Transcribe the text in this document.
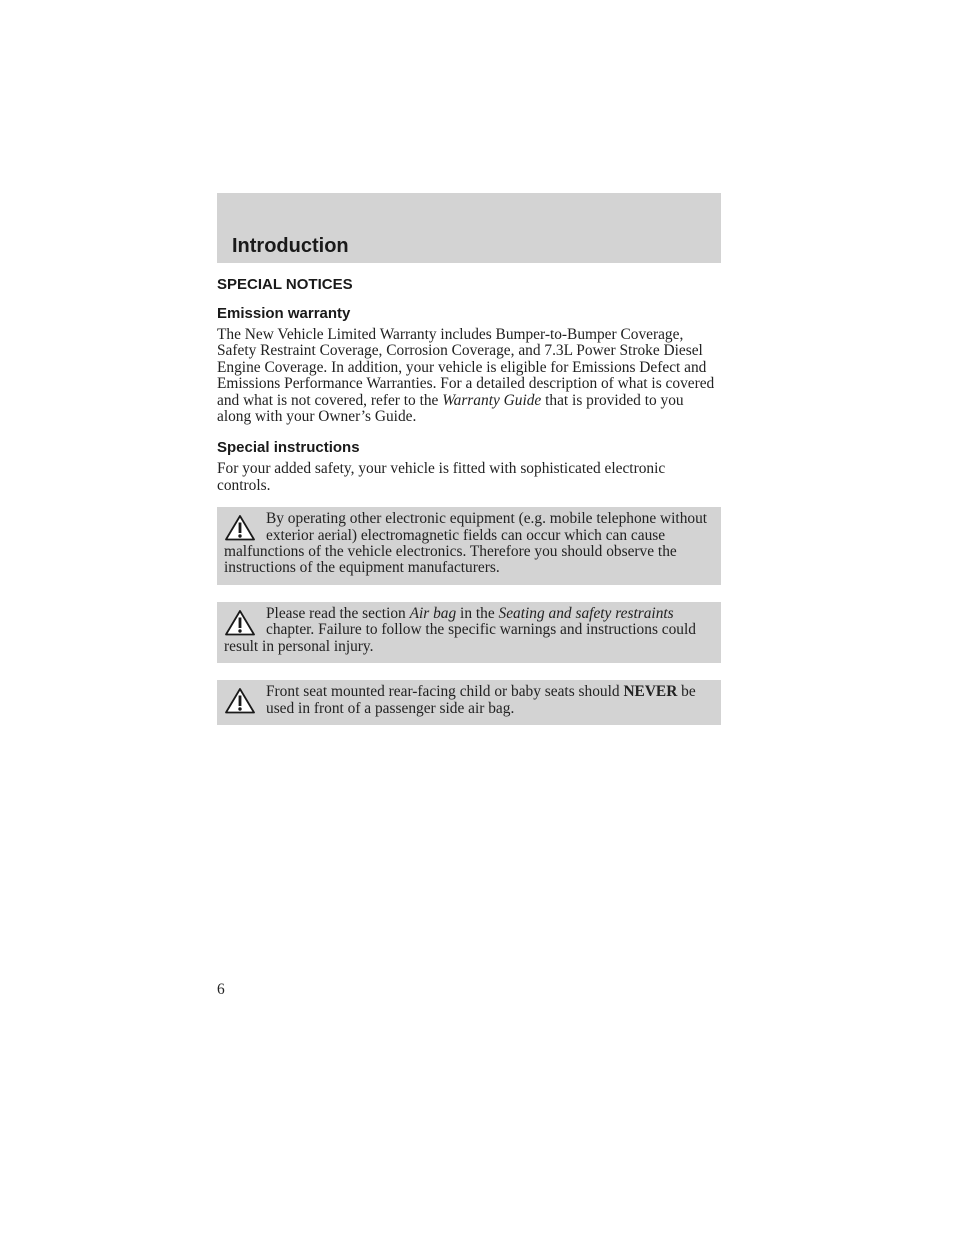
Introduction
SPECIAL NOTICES
Emission warranty

The New Vehicle Limited Warranty includes Bumper-to-Bumper Coverage, Safety Restraint Coverage, Corrosion Coverage, and 7.3L Power Stroke Diesel Engine Coverage. In addition, your vehicle is eligible for Emissions Defect and Emissions Performance Warranties. For a detailed description of what is covered and what is not covered, refer to the Warranty Guide that is provided to you along with your Owner’s Guide.

Special instructions

For your added safety, your vehicle is fitted with sophisticated electronic controls.

By operating other electronic equipment (e.g. mobile telephone without exterior aerial) electromagnetic fields can occur which can cause malfunctions of the vehicle electronics. Therefore you should observe the instructions of the equipment manufacturers.

Please read the section Air bag in the Seating and safety restraints chapter. Failure to follow the specific warnings and instructions could result in personal injury.

Front seat mounted rear-facing child or baby seats should NEVER be used in front of a passenger side air bag.

6
